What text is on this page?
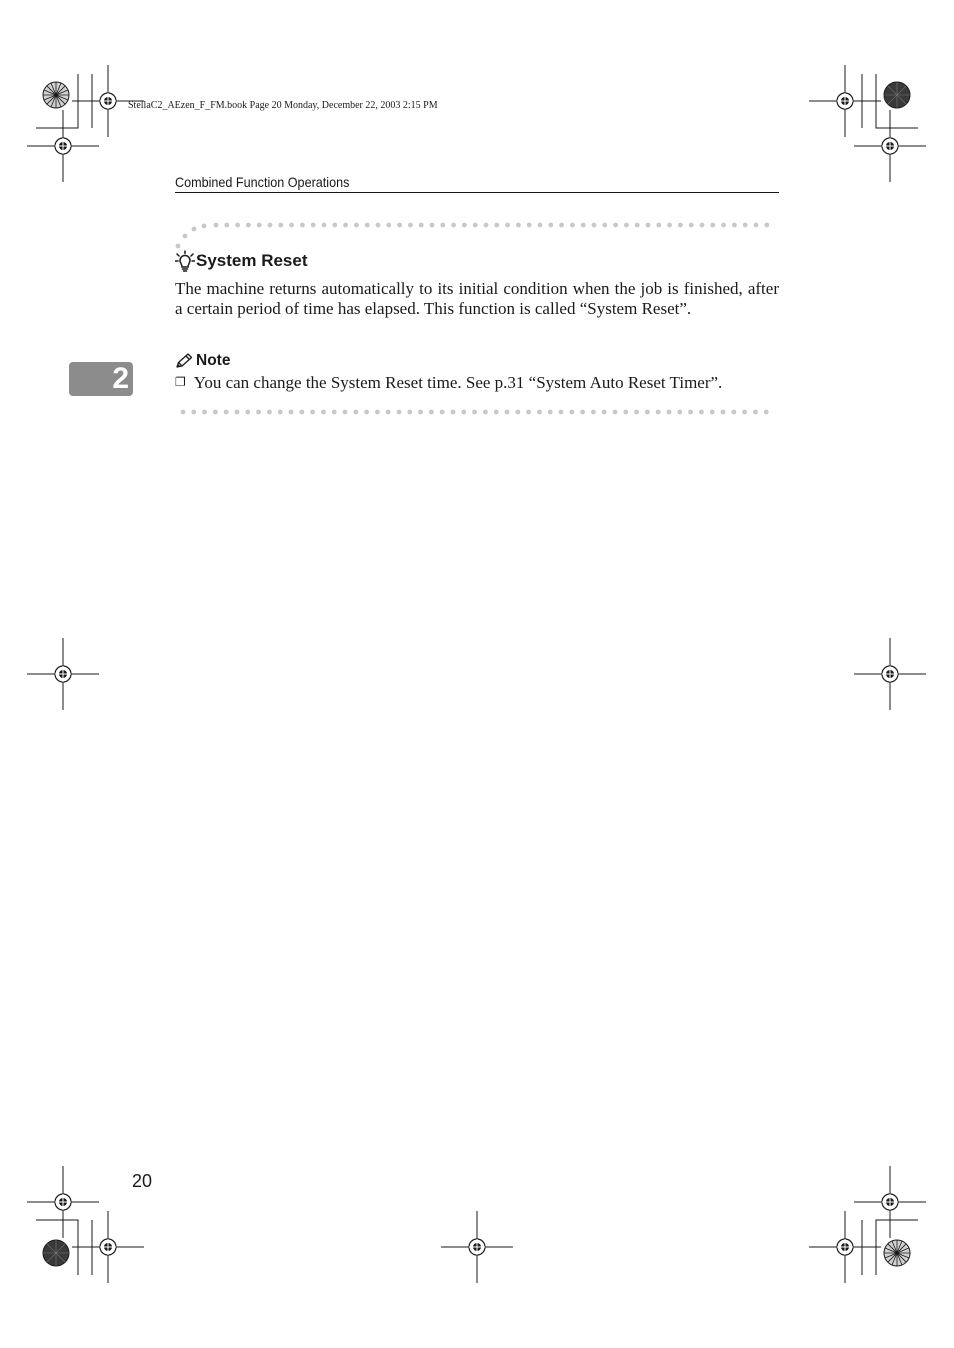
StellaC2_AEzen_F_FM.book Page 20 Monday, December 22, 2003 2:15 PM
Combined Function Operations
System Reset

The machine returns automatically to its initial condition when the job is finished, after a certain period of time has elapsed. This function is called “System Reset”.

Note
❐ You can change the System Reset time. See p.31 “System Auto Reset Timer”.
2
20
